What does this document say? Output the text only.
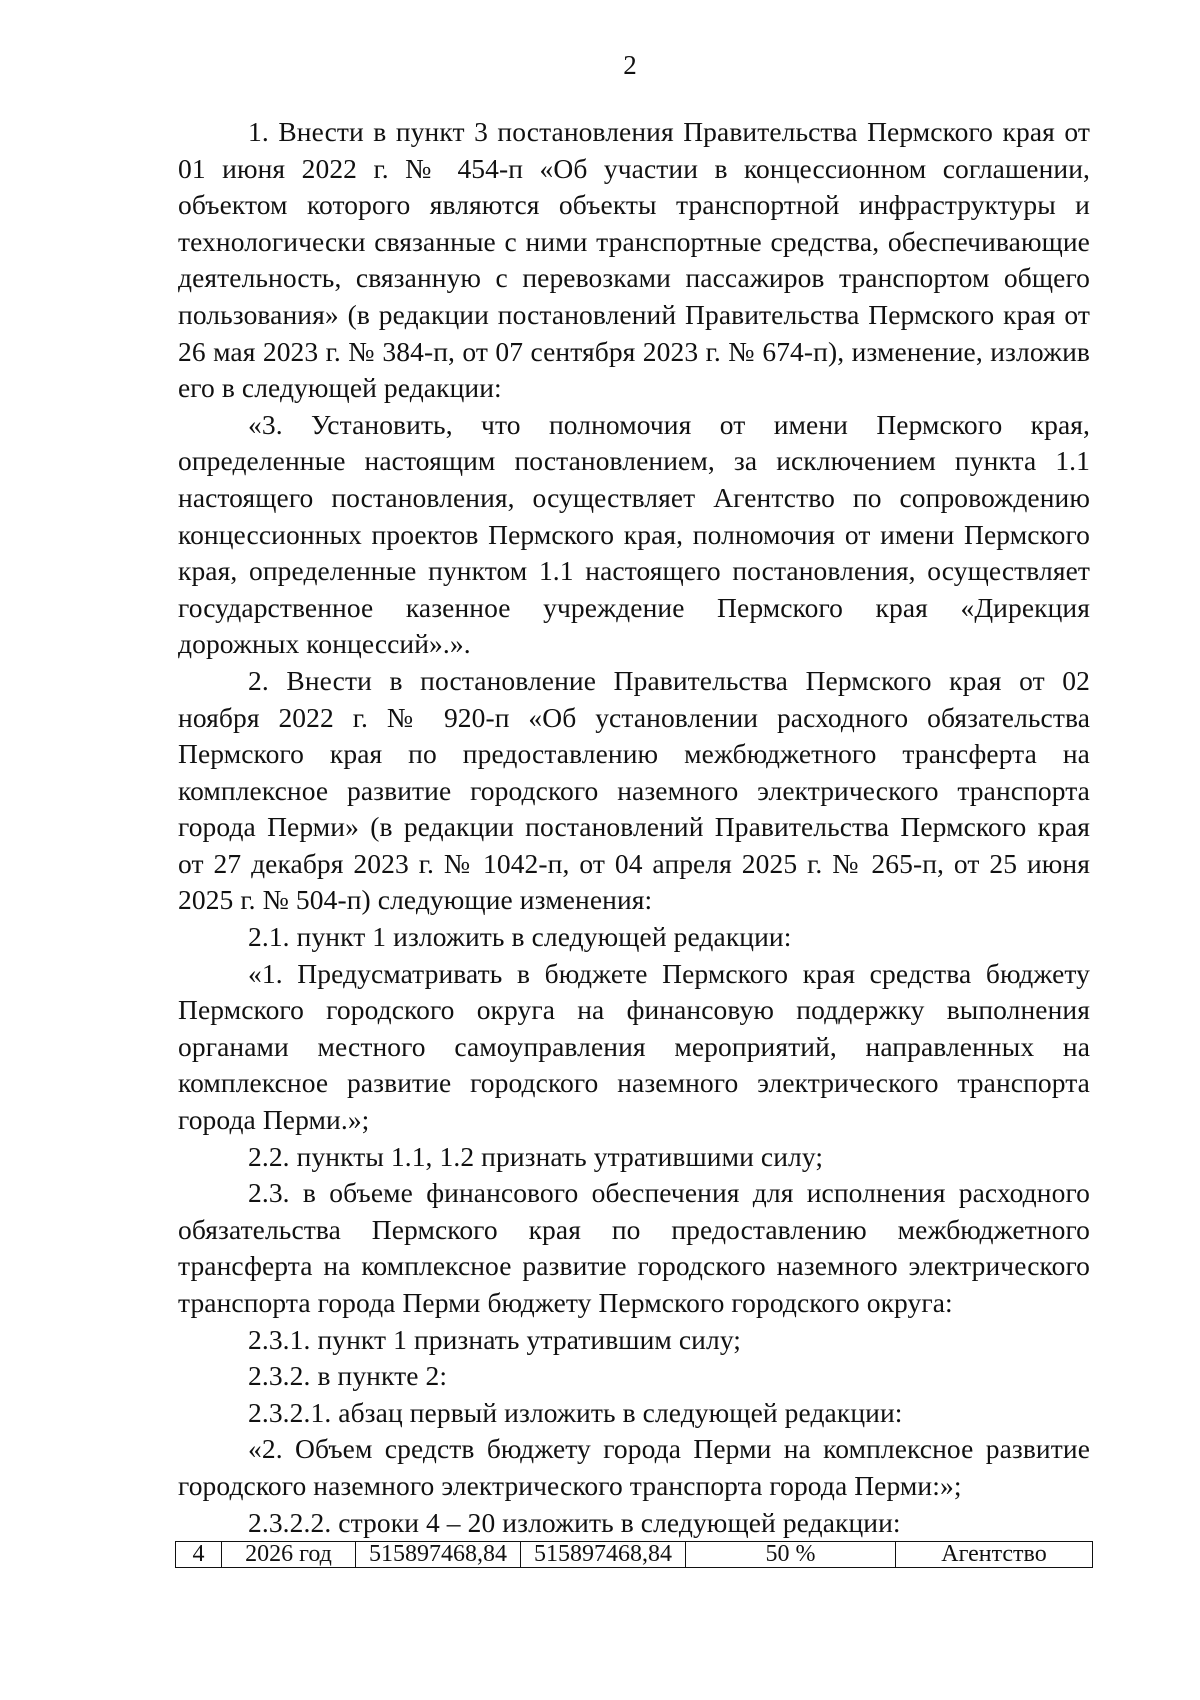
2

1. Внести в пункт 3 постановления Правительства Пермского края от 01 июня 2022 г. № 454-п «Об участии в концессионном соглашении, объектом которого являются объекты транспортной инфраструктуры и технологически связанные с ними транспортные средства, обеспечивающие деятельность, связанную с перевозками пассажиров транспортом общего пользования» (в редакции постановлений Правительства Пермского края от 26 мая 2023 г. № 384-п, от 07 сентября 2023 г. № 674-п), изменение, изложив его в следующей редакции:

«3. Установить, что полномочия от имени Пермского края, определенные настоящим постановлением, за исключением пункта 1.1 настоящего постановления, осуществляет Агентство по сопровождению концессионных проектов Пермского края, полномочия от имени Пермского края, определенные пунктом 1.1 настоящего постановления, осуществляет государственное казенное учреждение Пермского края «Дирекция дорожных концессий».».

2. Внести в постановление Правительства Пермского края от 02 ноября 2022 г. № 920-п «Об установлении расходного обязательства Пермского края по предоставлению межбюджетного трансферта на комплексное развитие городского наземного электрического транспорта города Перми» (в редакции постановлений Правительства Пермского края от 27 декабря 2023 г. № 1042-п, от 04 апреля 2025 г. № 265-п, от 25 июня 2025 г. № 504-п) следующие изменения:

2.1. пункт 1 изложить в следующей редакции:

«1. Предусматривать в бюджете Пермского края средства бюджету Пермского городского округа на финансовую поддержку выполнения органами местного самоуправления мероприятий, направленных на комплексное развитие городского наземного электрического транспорта города Перми.»;

2.2. пункты 1.1, 1.2 признать утратившими силу;

2.3. в объеме финансового обеспечения для исполнения расходного обязательства Пермского края по предоставлению межбюджетного трансферта на комплексное развитие городского наземного электрического транспорта города Перми бюджету Пермского городского округа:

2.3.1. пункт 1 признать утратившим силу;

2.3.2. в пункте 2:

2.3.2.1. абзац первый изложить в следующей редакции:

«2. Объем средств бюджету города Перми на комплексное развитие городского наземного электрического транспорта города Перми:»;

2.3.2.2. строки 4 – 20 изложить в следующей редакции:

4	2026 год	515897468,84	515897468,84	50 %	Агентство
